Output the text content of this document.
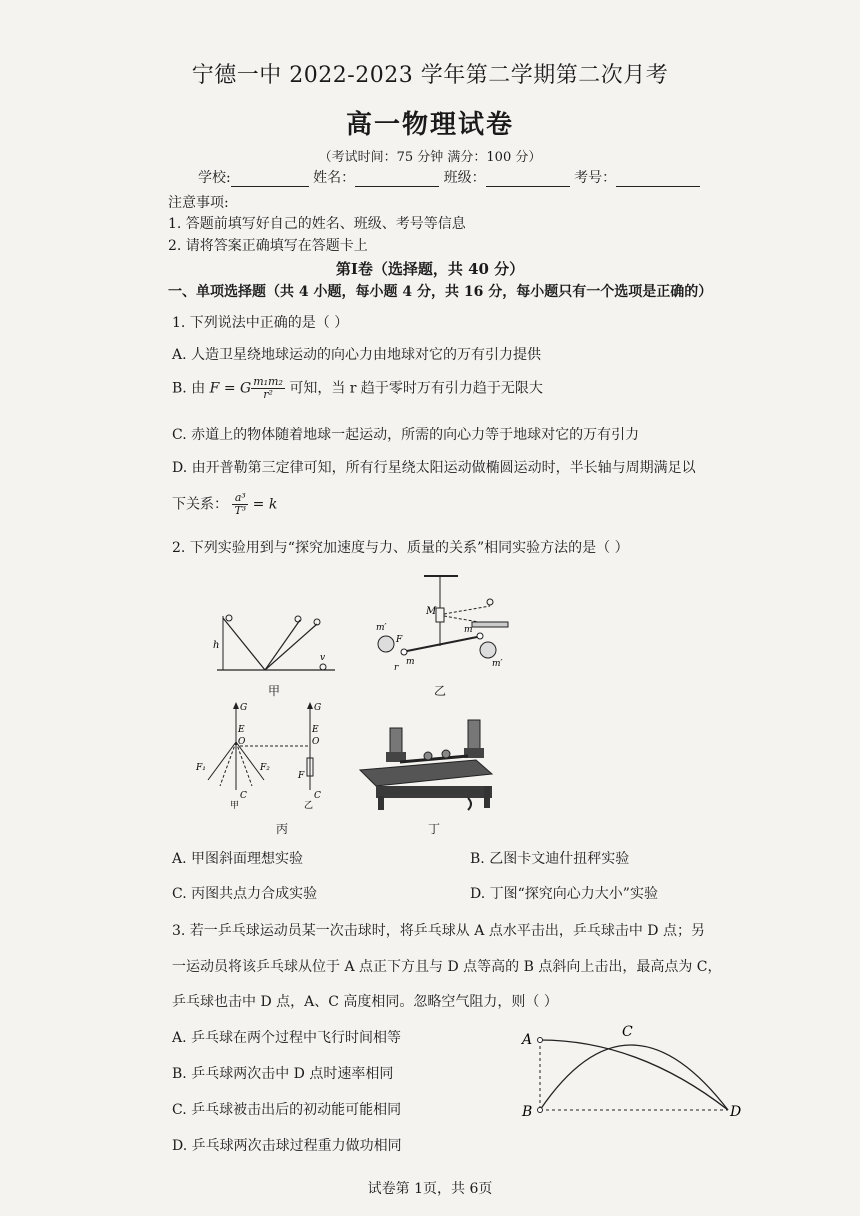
宁德一中 2022-2023 学年第二学期第二次月考
高一物理试卷
（考试时间：75 分钟 满分：100 分）
学校:	姓名：	班级：	考号：
注意事项:
1. 答题前填写好自己的姓名、班级、考号等信息
2. 请将答案正确填写在答题卡上
第Ⅰ卷（选择题，共 40 分）
一、单项选择题（共 4 小题，每小题 4 分，共 16 分，每小题只有一个选项是正确的）
1. 下列说法中正确的是（ ）
A. 人造卫星绕地球运动的向心力由地球对它的万有引力提供
B. 由 F = G $\frac{\text{m₁m₂}}{\text{r²}}$ 可知，当 r 趋于零时万有引力趋于无限大
C. 赤道上的物体随着地球一起运动，所需的向心力等于地球对它的万有引力
D. 由开普勒第三定律可知，所有行星绕太阳运动做椭圆运动时，半长轴与周期满足以
下关系： $\frac{\text{a³}}{\text{T³}} = k$
2. 下列实验用到与“探究加速度与力、质量的关系”相同实验方法的是（ ）
h
v
甲
M
m′
F
m
m
m′
r
乙
G
E
O
C
F₁	F₂
G
E
O
F
C
甲	乙
丙	丁
A. 甲图斜面理想实验	B. 乙图卡文迪什扭秤实验
C. 丙图共点力合成实验	D. 丁图“探究向心力大小”实验
3. 若一乒乓球运动员某一次击球时，将乒乓球从 A 点水平击出，乒乓球击中 D 点；另
一运动员将该乒乓球从位于 A 点正下方且与 D 点等高的 B 点斜向上击出，最高点为 C，
乒乓球也击中 D 点，A、C 高度相同。忽略空气阻力，则（ ）
A. 乒乓球在两个过程中飞行时间相等
B. 乒乓球两次击中 D 点时速率相同
C. 乒乓球被击出后的初动能可能相同
D. 乒乓球两次击球过程重力做功相同
A	C
B	D
试卷第 1页，共 6页
